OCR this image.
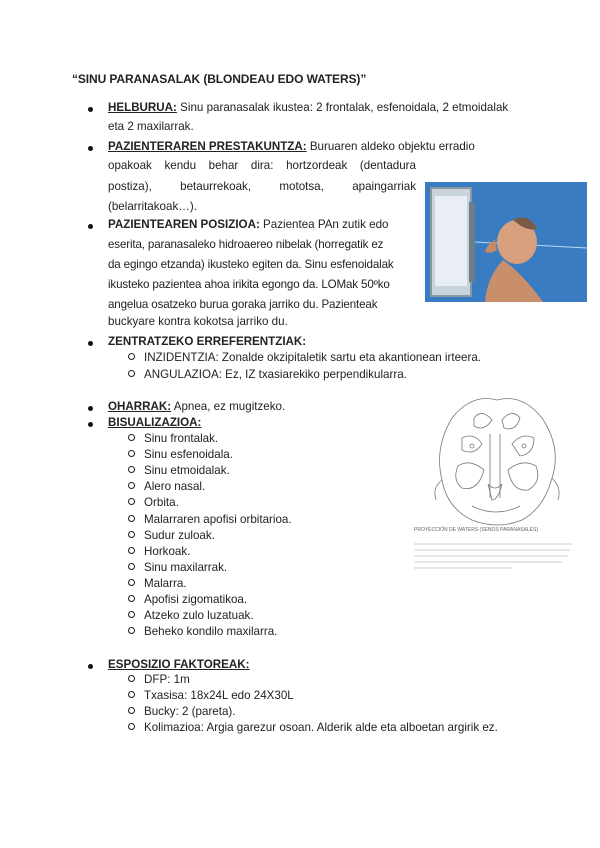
“SINU PARANASALAK (BLONDEAU EDO WATERS)”
HELBURUA: Sinu paranasalak ikustea: 2 frontalak, esfenoidala, 2 etmoidalak
eta 2 maxilarrak.
PAZIENTERAREN PRESTAKUNTZA: Buruaren aldeko objektu erradio
opakoak kendu behar dira: hortzordeak (dentadura
postiza), betaurrekoak, mototsa, apaingarriak
(belarritakoak…).
PAZIENTEAREN POSIZIOA: Pazientea PAn zutik edo
eserita, paranasaleko hidroaereo nibelak (horregatik ez
da egingo etzanda) ikusteko egiten da. Sinu esfenoidalak
ikusteko pazientea ahoa irikita egongo da. LOMak 50ºko
angelua osatzeko burua goraka jarriko du. Pazienteak
buckyare kontra kokotsa jarriko du.
ZENTRATZEKO ERREFERENTZIAK:
INZIDENTZIA: Zonalde okzipitaletik sartu eta akantionean irteera.
ANGULAZIOA: Ez, IZ txasiarekiko perpendikularra.
OHARRAK: Apnea, ez mugitzeko.
BISUALIZAZIOA:
Sinu frontalak.
Sinu esfenoidala.
Sinu etmoidalak.
Alero nasal.
Orbita.
Malarraren apofisi orbitarioa.
Sudur zuloak.
Horkoak.
Sinu maxilarrak.
Malarra.
Apofisi zigomatikoa.
Atzeko zulo luzatuak.
Beheko kondilo maxilarra.
PROYECCIÓN DE WATERS (SENOS PARANASALES)
ESPOSIZIO FAKTOREAK:
DFP: 1m
Txasisa: 18x24L edo 24X30L
Bucky: 2 (pareta).
Kolimazioa: Argia garezur osoan. Alderik alde eta alboetan argirik ez.
